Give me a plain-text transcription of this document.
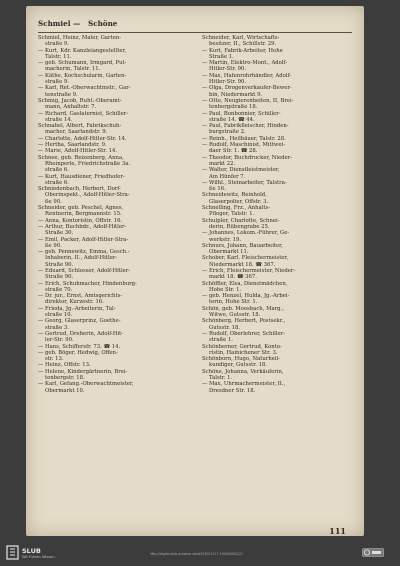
Schmiel — Schöne
Schmiel, Heinz, Maler, Garten-
straße 9.
— Kurt, Kdr. Kanzleiangestellter,
Talstr. 11.
— geb. Schumann, Irmgard, Put-
macherin, Talstr. 11.
— Käthe, Kochschularin, Garten-
straße 9.
— Karl, Ret.-Oberwachtmstr., Gar-
tenstraße 9.
Schmig, Jacob, Ruht.-Oberamt-
mann, Anhaltstr. 7.
— Richard, Gaslaternist, Schiller-
straße 14.
Schnabel, Albert, Fabrikschuh-
macher, Saarlandstr. 9.
— Charlotte, Adolf-Hitler-Str. 14.
— Hertha, Saarlandstr. 9.
— Marie, Adolf-Hitler-Str. 14.
Schnee, geb. Reizenberg, Anna,
Rheinperle, Friedrichstraße 3a.
straße 6.
— Kurt, Hausdiener, Friedhofer-
straße 6.
Schniedenbach, Herbert, Dorf-
Oberinspekt., Adolf-Hitler-Stra-
ße 90.
Schneider, geb. Peschel, Agnes,
Rentnerin, Bergmannstr. 15.
— Anna, Kontoristin, Offstr. 16.
— Arthur, Buchbdr., Adolf-Hitler-
Straße 30.
— Emil, Packer, Adolf-Hitler-Stra-
ße 90.
— geb. Pennewitz, Emma, Gesch.-
Inhaberin, II., Adolf-Hitler-
Straße 90.
— Eduard, Schlosser, Adolf-Hitler-
Straße 90.
— Erich, Schuhmacher, Hindenburg-
straße 70.
— Dr. jur., Ernst, Amtsgerichts-
direktor, Kurzestr. 16.
— Frieda, Jg.-Arbeiterin, Tal-
straße 10.
— Georg, Glaserprinz, Goethe-
straße 3.
— Gertrud, Dreherin, Adolf-Hit-
ler-Str. 90.
— Hans, Schiffersfr. 73. ☎ 14.
— geb. Böger, Hedwig, Offen-
str. 13.
— Heinz, Offstr. 13.
— Helene, Kindergärtnerin, Brei-
tenbergstr. 18.
— Karl, Gefang.-Oberwachtmeister,
Obermarkt 10.
Schneider, Karl, Wirtschafts-
besitzer, II., Schillstr. 29.
— Kurt, Fabrik-Arbeiter, Hohe
Straße 1.
— Martin, Elektro-Mont., Adolf-
Hitler-Str. 90.
— Max, Hafenrohrhändler, Adolf-
Hitler-Str. 90.
— Olga, Drogenverkaufer-Bewer-
bin, Niedermarkt 9.
— Otto, Neugierenheiten, II, Brei-
tenbergstraße 18.
— Paul, Bonbonnier, Schiller-
straße 14. ☎ 44.
— Paul, Fabrikfleischer, Hinden-
burgstraße 2.
— Reinh., Heilbäuer, Talstr. 28.
— Rudolf, Maschinist, Mittwei-
daer Str. 1. ☎ 28.
— Theodor, Buchdrucker, Nieder-
markt 22.
— Walter, Dienstleistmeister,
Am Hünfer 7.
— Wilhl., Steinarbeiter, Talstra-
ße 16.
Schneidewitz, Reinhold,
Glaserpolier, Offstr. 3.
Schnelling, Frz., Anhalts-
Pfleger, Talstr. 1.
Schulpler, Charlotte, Schnei-
derin, Rübengrabe 25.
— Johannes, Lokom.-Führer, Ge-
werkstr. 19.
Schnurs, Johann, Bauarbeiter,
Obermarkt 11.
Schober, Karl, Fleischermeister,
Niedermarkt 18. ☎ 367.
— Erich, Fleischermeister, Nieder-
markt 18. ☎ 367.
Schöffler, Elsa, Dienstmädchen,
Hohe Str. 1.
— geb. Henzel, Hulda, Jg.-Arbei-
terin, Hohe Str. 1.
Schön, geb. Moosbach, Marg.,
Witwe, Gutsstr. 18.
Schönberg, Herbert, Postsekr.,
Gutsstr. 18.
— Rudolf, Oberlehrer, Schiller-
straße 1.
Schönberner, Gertrud, Konto-
ristin, Hainichener Str. 3.
Schönborn, Hugo, Naturheil-
kundiger, Gutsstr. 18.
Schöne, Johanna, Verkäuferin,
Talstr. 1.
— Max, Uhrmachermeister, II.,
Dresdner Str. 18.
111
SLUB
Wir führen Wissen.
http://digital.slub-dresden.de/id453001117-19400000/121
